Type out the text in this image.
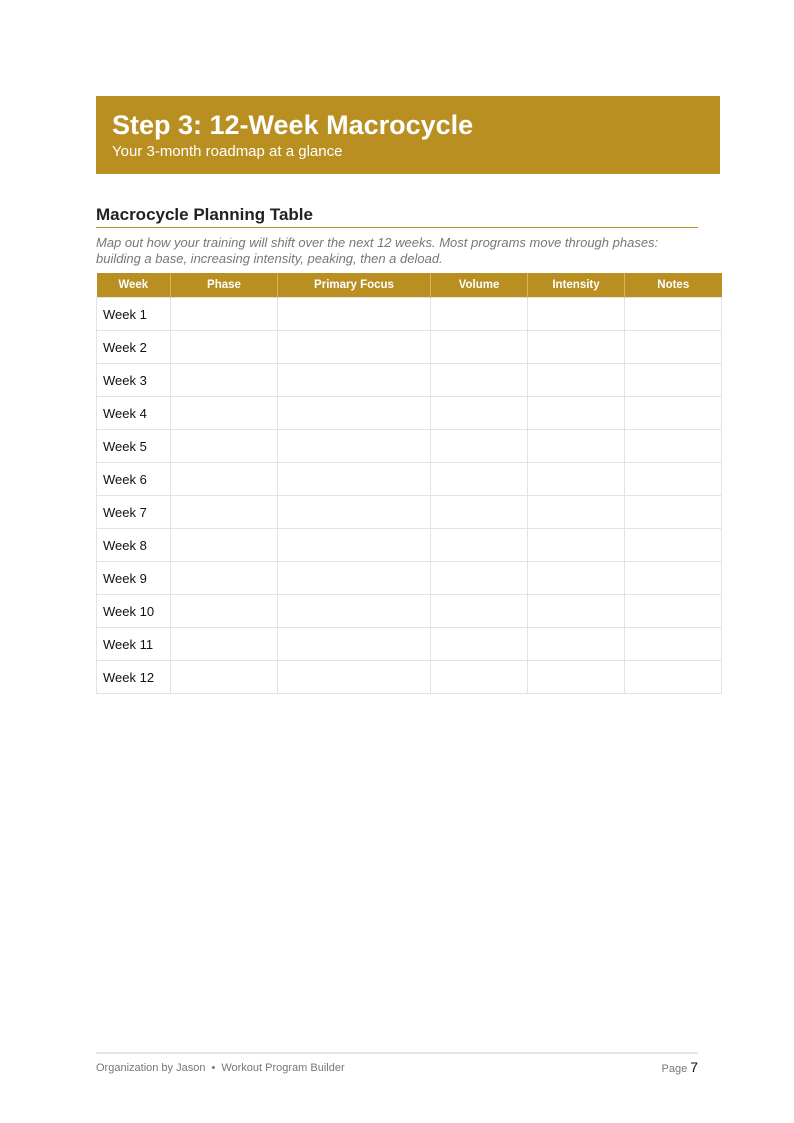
Step 3: 12-Week Macrocycle
Your 3-month roadmap at a glance
Macrocycle Planning Table
Map out how your training will shift over the next 12 weeks. Most programs move through phases: building a base, increasing intensity, peaking, then a deload.
Week	Phase	Primary Focus	Volume	Intensity	Notes
Week 1					
Week 2					
Week 3					
Week 4					
Week 5					
Week 6					
Week 7					
Week 8					
Week 9					
Week 10					
Week 11					
Week 12					
Organization by Jason • Workout Program Builder	Page 7
